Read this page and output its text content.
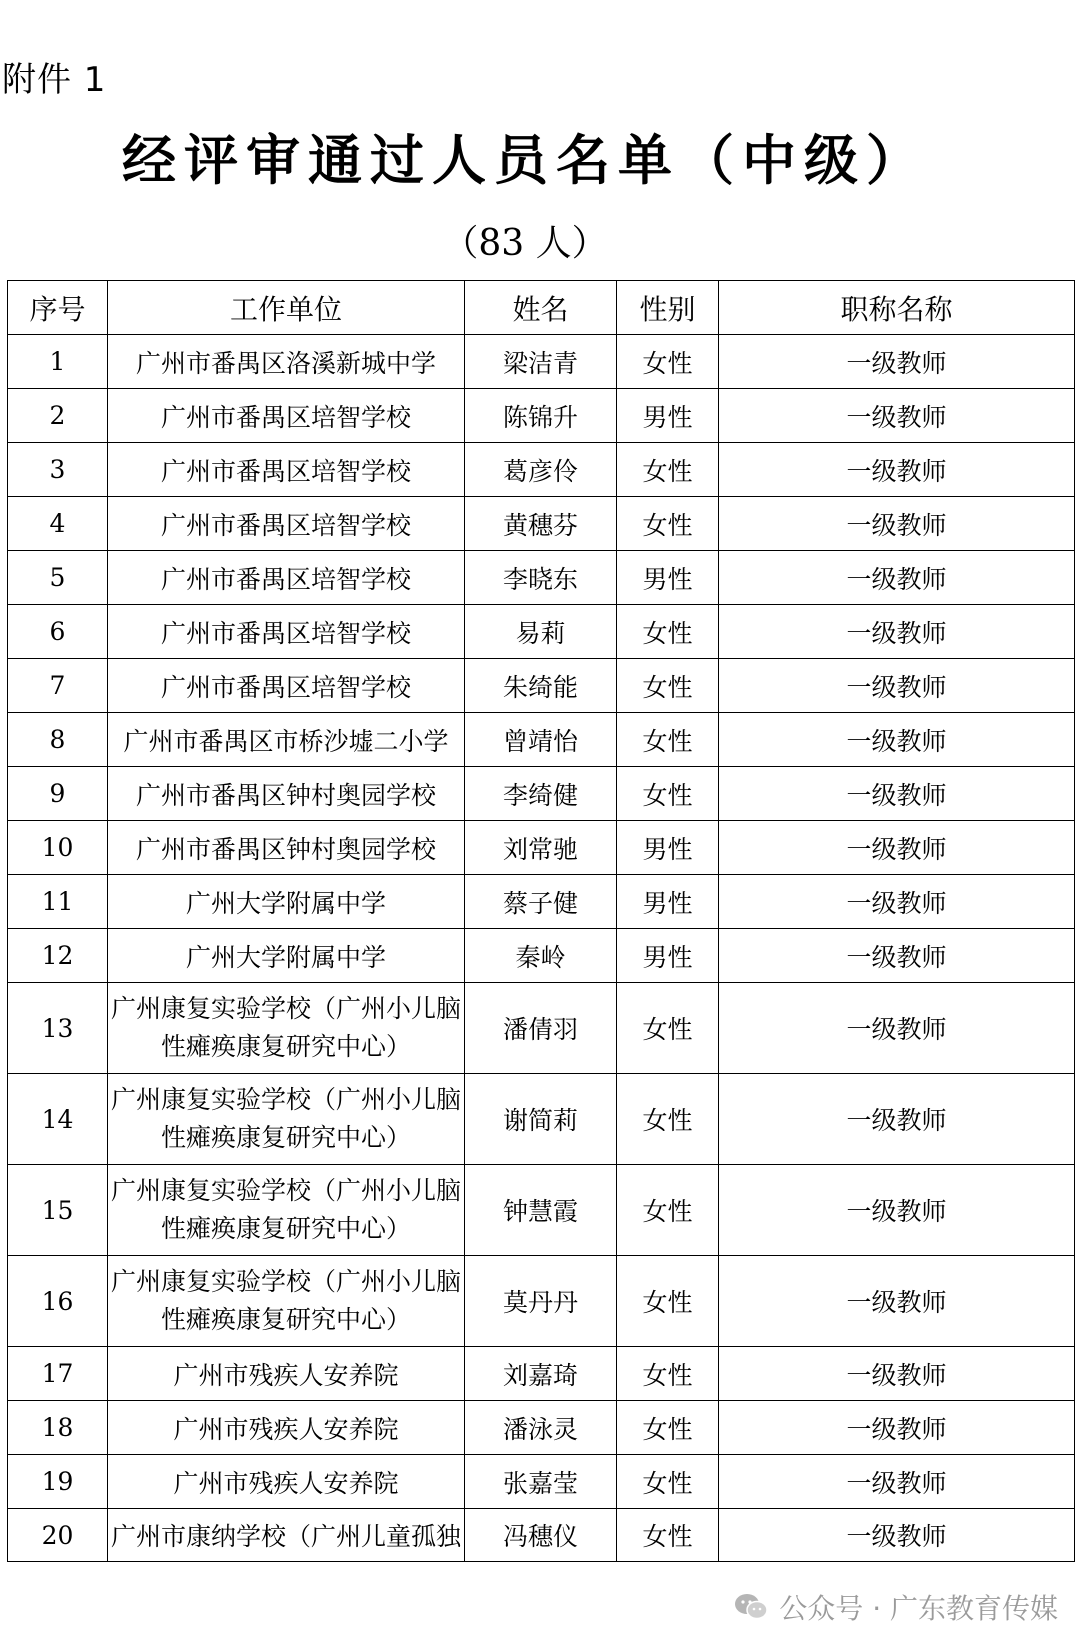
附件 1
经评审通过人员名单（中级）
（83 人）
序号	工作单位	姓名	性别	职称名称
1	广州市番禺区洛溪新城中学	梁洁青	女性	一级教师
2	广州市番禺区培智学校	陈锦升	男性	一级教师
3	广州市番禺区培智学校	葛彦伶	女性	一级教师
4	广州市番禺区培智学校	黄穗芬	女性	一级教师
5	广州市番禺区培智学校	李晓东	男性	一级教师
6	广州市番禺区培智学校	易莉	女性	一级教师
7	广州市番禺区培智学校	朱绮能	女性	一级教师
8	广州市番禺区市桥沙墟二小学	曾靖怡	女性	一级教师
9	广州市番禺区钟村奥园学校	李绮健	女性	一级教师
10	广州市番禺区钟村奥园学校	刘常驰	男性	一级教师
11	广州大学附属中学	蔡子健	男性	一级教师
12	广州大学附属中学	秦岭	男性	一级教师
13	广州康复实验学校（广州小儿脑
性瘫痪康复研究中心）	潘倩羽	女性	一级教师
14	广州康复实验学校（广州小儿脑
性瘫痪康复研究中心）	谢简莉	女性	一级教师
15	广州康复实验学校（广州小儿脑
性瘫痪康复研究中心）	钟慧霞	女性	一级教师
16	广州康复实验学校（广州小儿脑
性瘫痪康复研究中心）	莫丹丹	女性	一级教师
17	广州市残疾人安养院	刘嘉琦	女性	一级教师
18	广州市残疾人安养院	潘泳灵	女性	一级教师
19	广州市残疾人安养院	张嘉莹	女性	一级教师
20	广州市康纳学校（广州儿童孤独	冯穗仪	女性	一级教师
公众号 · 广东教育传媒
